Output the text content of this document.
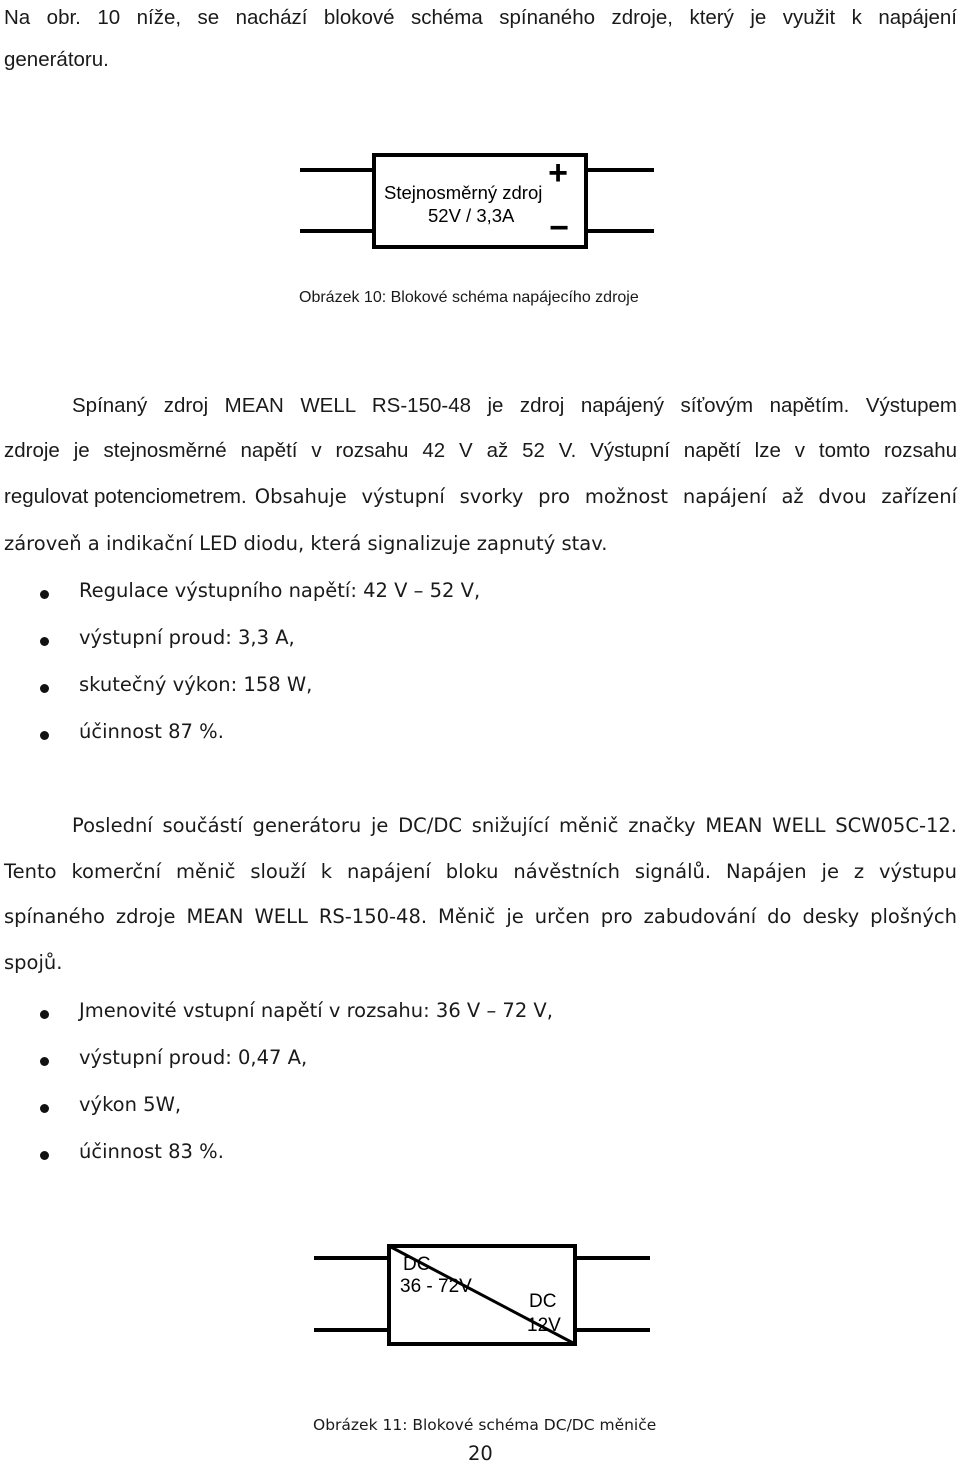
Na obr. 10 níže, se nachází blokové schéma spínaného zdroje, který je využit k napájení
generátoru.
+
−
Stejnosměrný zdroj
52V / 3,3A
Obrázek 10: Blokové schéma napájecího zdroje
Spínaný zdroj MEAN WELL RS-150-48 je zdroj napájený síťovým napětím. Výstupem
zdroje je stejnosměrné napětí v rozsahu 42 V až 52 V. Výstupní napětí lze v tomto rozsahu
regulovat potenciometrem. Obsahuje výstupní svorky pro možnost napájení až dvou zařízení
zároveň a indikační LED diodu, která signalizuje zapnutý stav.
Regulace výstupního napětí: 42 V – 52 V,
výstupní proud: 3,3 A,
skutečný výkon: 158 W,
účinnost 87 %.
Poslední součástí generátoru je DC/DC snižující měnič značky MEAN WELL SCW05C-12.
Tento komerční měnič slouží k napájení bloku návěstních signálů. Napájen je z výstupu
spínaného zdroje MEAN WELL RS-150-48. Měnič je určen pro zabudování do desky plošných
spojů.
Jmenovité vstupní napětí v rozsahu: 36 V – 72 V,
výstupní proud: 0,47 A,
výkon 5W,
účinnost 83 %.
DC
36 - 72V
DC
12V
Obrázek 11: Blokové schéma DC/DC měniče
20
